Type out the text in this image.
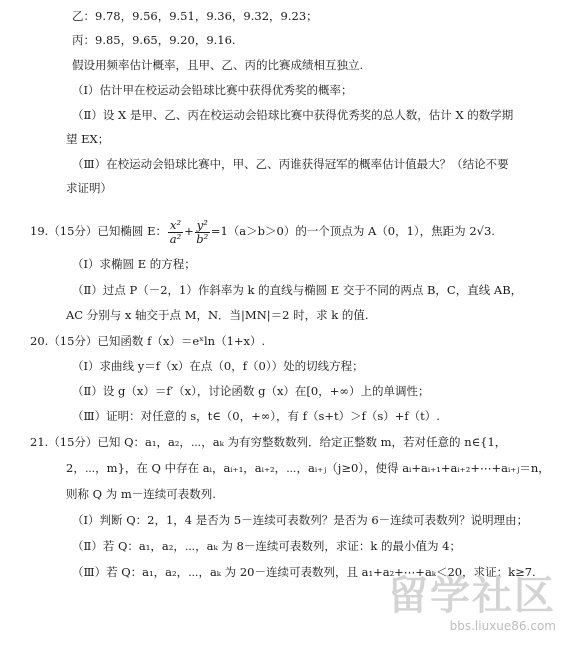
乙：9.78，9.56，9.51，9.36，9.32，9.23；
丙：9.85，9.65，9.20，9.16.
假设用频率估计概率，且甲、乙、丙的比赛成绩相互独立.
（Ⅰ）估计甲在校运动会铅球比赛中获得优秀奖的概率；
（Ⅱ）设 X 是甲、乙、丙在校运动会铅球比赛中获得优秀奖的总人数，估计 X 的数学期
望 EX；
（Ⅲ）在校运动会铅球比赛中，甲、乙、丙谁获得冠军的概率估计值最大？（结论不要
求证明）
19.（15分）已知椭圆 E： $\frac{\text{x²}}{\text{a²}} + \frac{\text{y²}}{\text{b²}} =1(a>b>0)$的一个顶点为 A（0，1），焦距为 2√3.
（Ⅰ）求椭圆 E 的方程；
（Ⅱ）过点 P（－2，1）作斜率为 k 的直线与椭圆 E 交于不同的两点 B，C，直线 AB，
AC 分别与 x 轴交于点 M，N．当|MN|＝2 时，求 k 的值.
20.（15分）已知函数 f（x）＝eˣln（1+x）.
（Ⅰ）求曲线 y＝f（x）在点（0，f（0））处的切线方程；
（Ⅱ）设 g（x）＝f′（x），讨论函数 g（x）在[0，+∞）上的单调性；
（Ⅲ）证明：对任意的 s，t∈（0，+∞），有 f（s+t）＞f（s）+f（t）.
21.（15分）已知 Q：a₁，a₂，⋯，aₖ 为有穷整数数列．给定正整数 m，若对任意的 n∈{1，
2，⋯，m}，在 Q 中存在 aᵢ，aᵢ₊₁，aᵢ₊₂，⋯，aᵢ₊ⱼ（j≥0），使得 aᵢ+aᵢ₊₁+aᵢ₊₂+⋯+aᵢ₊ⱼ＝n，
则称 Q 为 m－连续可表数列.
（Ⅰ）判断 Q：2，1，4 是否为 5－连续可表数列？是否为 6－连续可表数列？说明理由；
（Ⅱ）若 Q：a₁，a₂，⋯，aₖ 为 8－连续可表数列，求证：k 的最小值为 4；
（Ⅲ）若 Q：a₁，a₂，⋯，aₖ 为 20－连续可表数列，且 a₁+a₂+⋯+aₖ＜20，求证：k≥7.
留学社区
bbs.liuxue86.com
